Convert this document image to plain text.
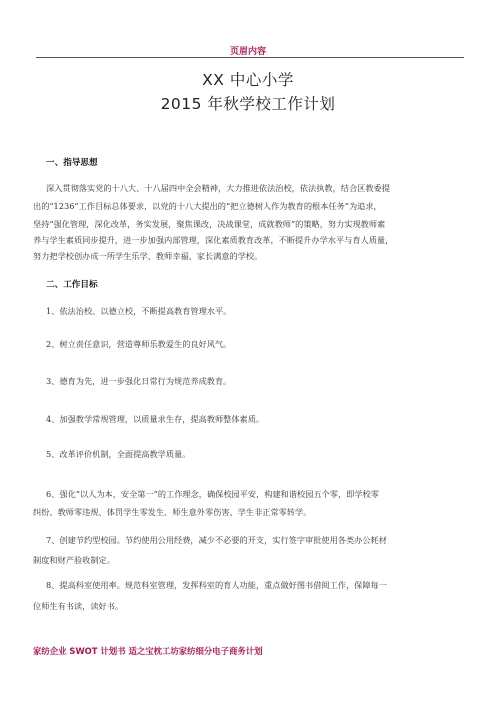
页眉内容
XX 中心小学
2015 年秋学校工作计划
一、指导思想
深入贯彻落实党的十八大、十八届四中全会精神，大力推进依法治校，依法执教，结合区教委提
出的“1236”工作目标总体要求，以党的十八大提出的“把立德树人作为教育的根本任务”为追求，
坚持“强化管理，深化改革，务实发展，聚焦课改，决战课堂，成就教师”的策略，努力实现教师素
养与学生素质同步提升，进一步加强内部管理，深化素质教育改革，不断提升办学水平与育人质量，
努力把学校创办成一所学生乐学、教师幸福、家长满意的学校。
二、工作目标
1、依法治校、以德立校，不断提高教育管理水平。
2、树立责任意识，营造尊师乐教爱生的良好风气。
3、德育为先，进一步强化日常行为规范养成教育。
4、加强教学常规管理，以质量求生存，提高教师整体素质。
5、改革评价机制，全面提高教学质量。
6、强化“以人为本，安全第一”的工作理念，确保校园平安，构建和谐校园五个零，即学校零
纠纷、教师零违规、体罚学生零发生、师生意外零伤害、学生非正常零转学。
7、创建节约型校园。节约使用公用经费，减少不必要的开支，实行签字审批使用各类办公耗材
制度和财产验收制定。
8、提高科室使用率。规范科室管理，发挥科室的育人功能，重点做好图书借阅工作，保障每一
位师生有书读，读好书。
家纺企业 SWOT 计划书 适之宝枕工坊家纺细分电子商务计划
